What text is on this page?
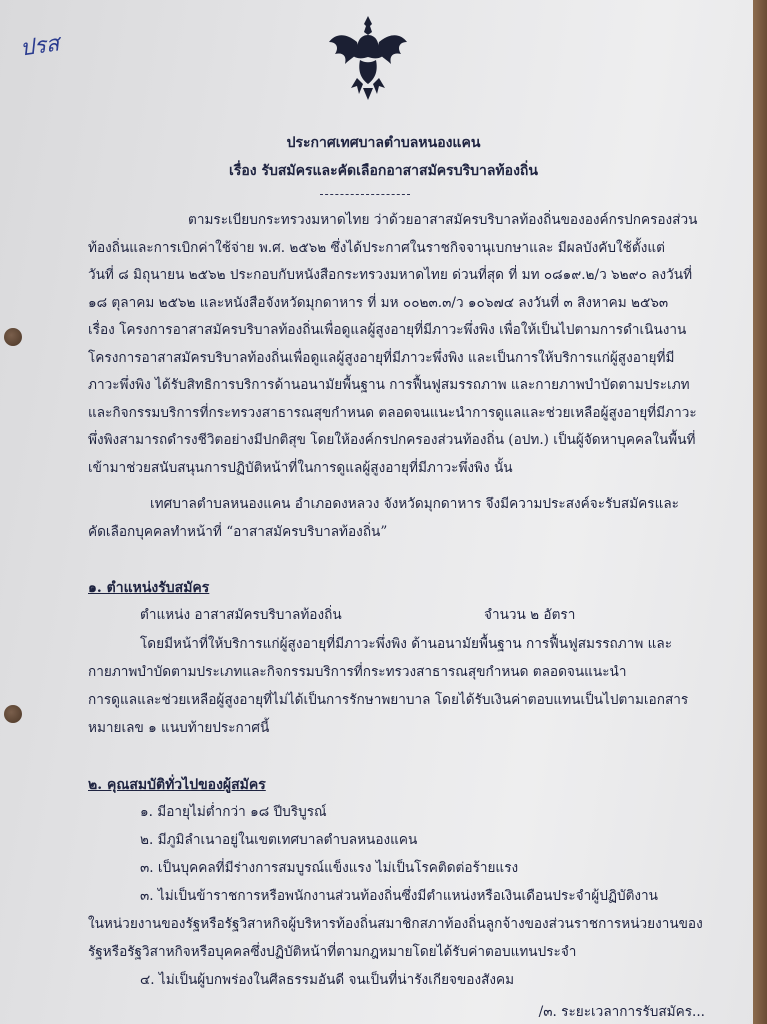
ปรส
ประกาศเทศบาลตำบลหนองแคน
เรื่อง รับสมัครและคัดเลือกอาสาสมัครบริบาลท้องถิ่น
ตามระเบียบกระทรวงมหาดไทย ว่าด้วยอาสาสมัครบริบาลท้องถิ่นขององค์กรปกครองส่วน
ท้องถิ่นและการเบิกค่าใช้จ่าย พ.ศ. ๒๕๖๒ ซึ่งได้ประกาศในราชกิจจานุเบกษาและ มีผลบังคับใช้ตั้งแต่
วันที่ ๘ มิถุนายน ๒๕๖๒ ประกอบกับหนังสือกระทรวงมหาดไทย ด่วนที่สุด ที่ มท ๐๘๑๙.๒/ว ๖๒๙๐ ลงวันที่
๑๘ ตุลาคม ๒๕๖๒ และหนังสือจังหวัดมุกดาหาร ที่ มห ๐๐๒๓.๓/ว ๑๐๖๗๔ ลงวันที่ ๓ สิงหาคม ๒๕๖๓
เรื่อง โครงการอาสาสมัครบริบาลท้องถิ่นเพื่อดูแลผู้สูงอายุที่มีภาวะพึ่งพิง เพื่อให้เป็นไปตามการดำเนินงาน
โครงการอาสาสมัครบริบาลท้องถิ่นเพื่อดูแลผู้สูงอายุที่มีภาวะพึ่งพิง และเป็นการให้บริการแก่ผู้สูงอายุที่มี
ภาวะพึ่งพิง ได้รับสิทธิการบริการด้านอนามัยพื้นฐาน การฟื้นฟูสมรรถภาพ และกายภาพบำบัดตามประเภท
และกิจกรรมบริการที่กระทรวงสาธารณสุขกำหนด ตลอดจนแนะนำการดูแลและช่วยเหลือผู้สูงอายุที่มีภาวะ
พึ่งพิงสามารถดำรงชีวิตอย่างมีปกติสุข โดยให้องค์กรปกครองส่วนท้องถิ่น (อปท.) เป็นผู้จัดหาบุคคลในพื้นที่
เข้ามาช่วยสนับสนุนการปฏิบัติหน้าที่ในการดูแลผู้สูงอายุที่มีภาวะพึ่งพิง นั้น
เทศบาลตำบลหนองแคน อำเภอดงหลวง จังหวัดมุกดาหาร จึงมีความประสงค์จะรับสมัครและ
คัดเลือกบุคคลทำหน้าที่ “อาสาสมัครบริบาลท้องถิ่น”
๑. ตำแหน่งรับสมัคร
ตำแหน่ง อาสาสมัครบริบาลท้องถิ่น	จำนวน ๒ อัตรา
โดยมีหน้าที่ให้บริการแก่ผู้สูงอายุที่มีภาวะพึ่งพิง ด้านอนามัยพื้นฐาน การฟื้นฟูสมรรถภาพ และ
กายภาพบำบัดตามประเภทและกิจกรรมบริการที่กระทรวงสาธารณสุขกำหนด ตลอดจนแนะนำ
การดูแลและช่วยเหลือผู้สูงอายุที่ไม่ได้เป็นการรักษาพยาบาล โดยได้รับเงินค่าตอบแทนเป็นไปตามเอกสาร
หมายเลข ๑ แนบท้ายประกาศนี้
๒. คุณสมบัติทั่วไปของผู้สมัคร
๑. มีอายุไม่ต่ำกว่า ๑๘ ปีบริบูรณ์
๒. มีภูมิลำเนาอยู่ในเขตเทศบาลตำบลหนองแคน
๓. เป็นบุคคลที่มีร่างการสมบูรณ์แข็งแรง ไม่เป็นโรคติดต่อร้ายแรง
๓. ไม่เป็นข้าราชการหรือพนักงานส่วนท้องถิ่นซึ่งมีตำแหน่งหรือเงินเดือนประจำผู้ปฏิบัติงาน
ในหน่วยงานของรัฐหรือรัฐวิสาหกิจผู้บริหารท้องถิ่นสมาชิกสภาท้องถิ่นลูกจ้างของส่วนราชการหน่วยงานของ
รัฐหรือรัฐวิสาหกิจหรือบุคคลซึ่งปฏิบัติหน้าที่ตามกฎหมายโดยได้รับค่าตอบแทนประจำ
๔. ไม่เป็นผู้บกพร่องในศีลธรรมอันดี จนเป็นที่น่ารังเกียจของสังคม
/๓. ระยะเวลาการรับสมัคร...
